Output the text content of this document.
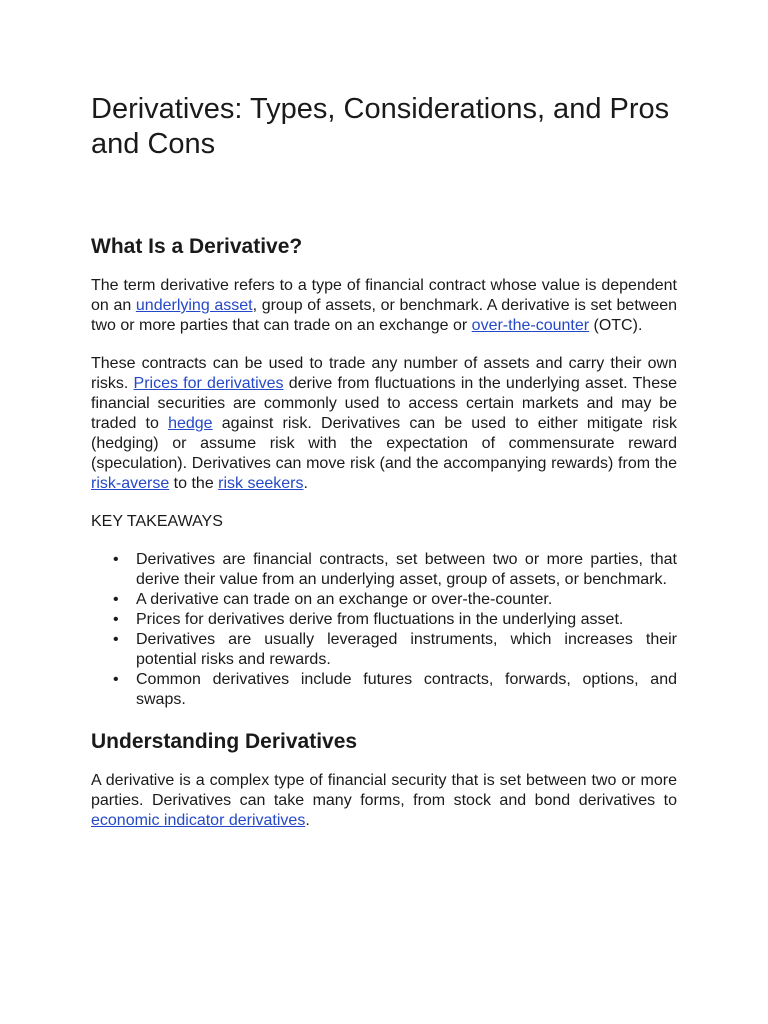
Derivatives: Types, Considerations, and Pros and Cons
What Is a Derivative?

The term derivative refers to a type of financial contract whose value is dependent on an underlying asset, group of assets, or benchmark. A derivative is set between two or more parties that can trade on an exchange or over-the-counter (OTC).

These contracts can be used to trade any number of assets and carry their own risks. Prices for derivatives derive from fluctuations in the underlying asset. These financial securities are commonly used to access certain markets and may be traded to hedge against risk. Derivatives can be used to either mitigate risk (hedging) or assume risk with the expectation of commensurate reward (speculation). Derivatives can move risk (and the accompanying rewards) from the risk-averse to the risk seekers.

KEY TAKEAWAYS

• Derivatives are financial contracts, set between two or more parties, that derive their value from an underlying asset, group of assets, or benchmark.
• A derivative can trade on an exchange or over-the-counter.
• Prices for derivatives derive from fluctuations in the underlying asset.
• Derivatives are usually leveraged instruments, which increases their potential risks and rewards.
• Common derivatives include futures contracts, forwards, options, and swaps.
Understanding Derivatives

A derivative is a complex type of financial security that is set between two or more parties. Derivatives can take many forms, from stock and bond derivatives to economic indicator derivatives.
